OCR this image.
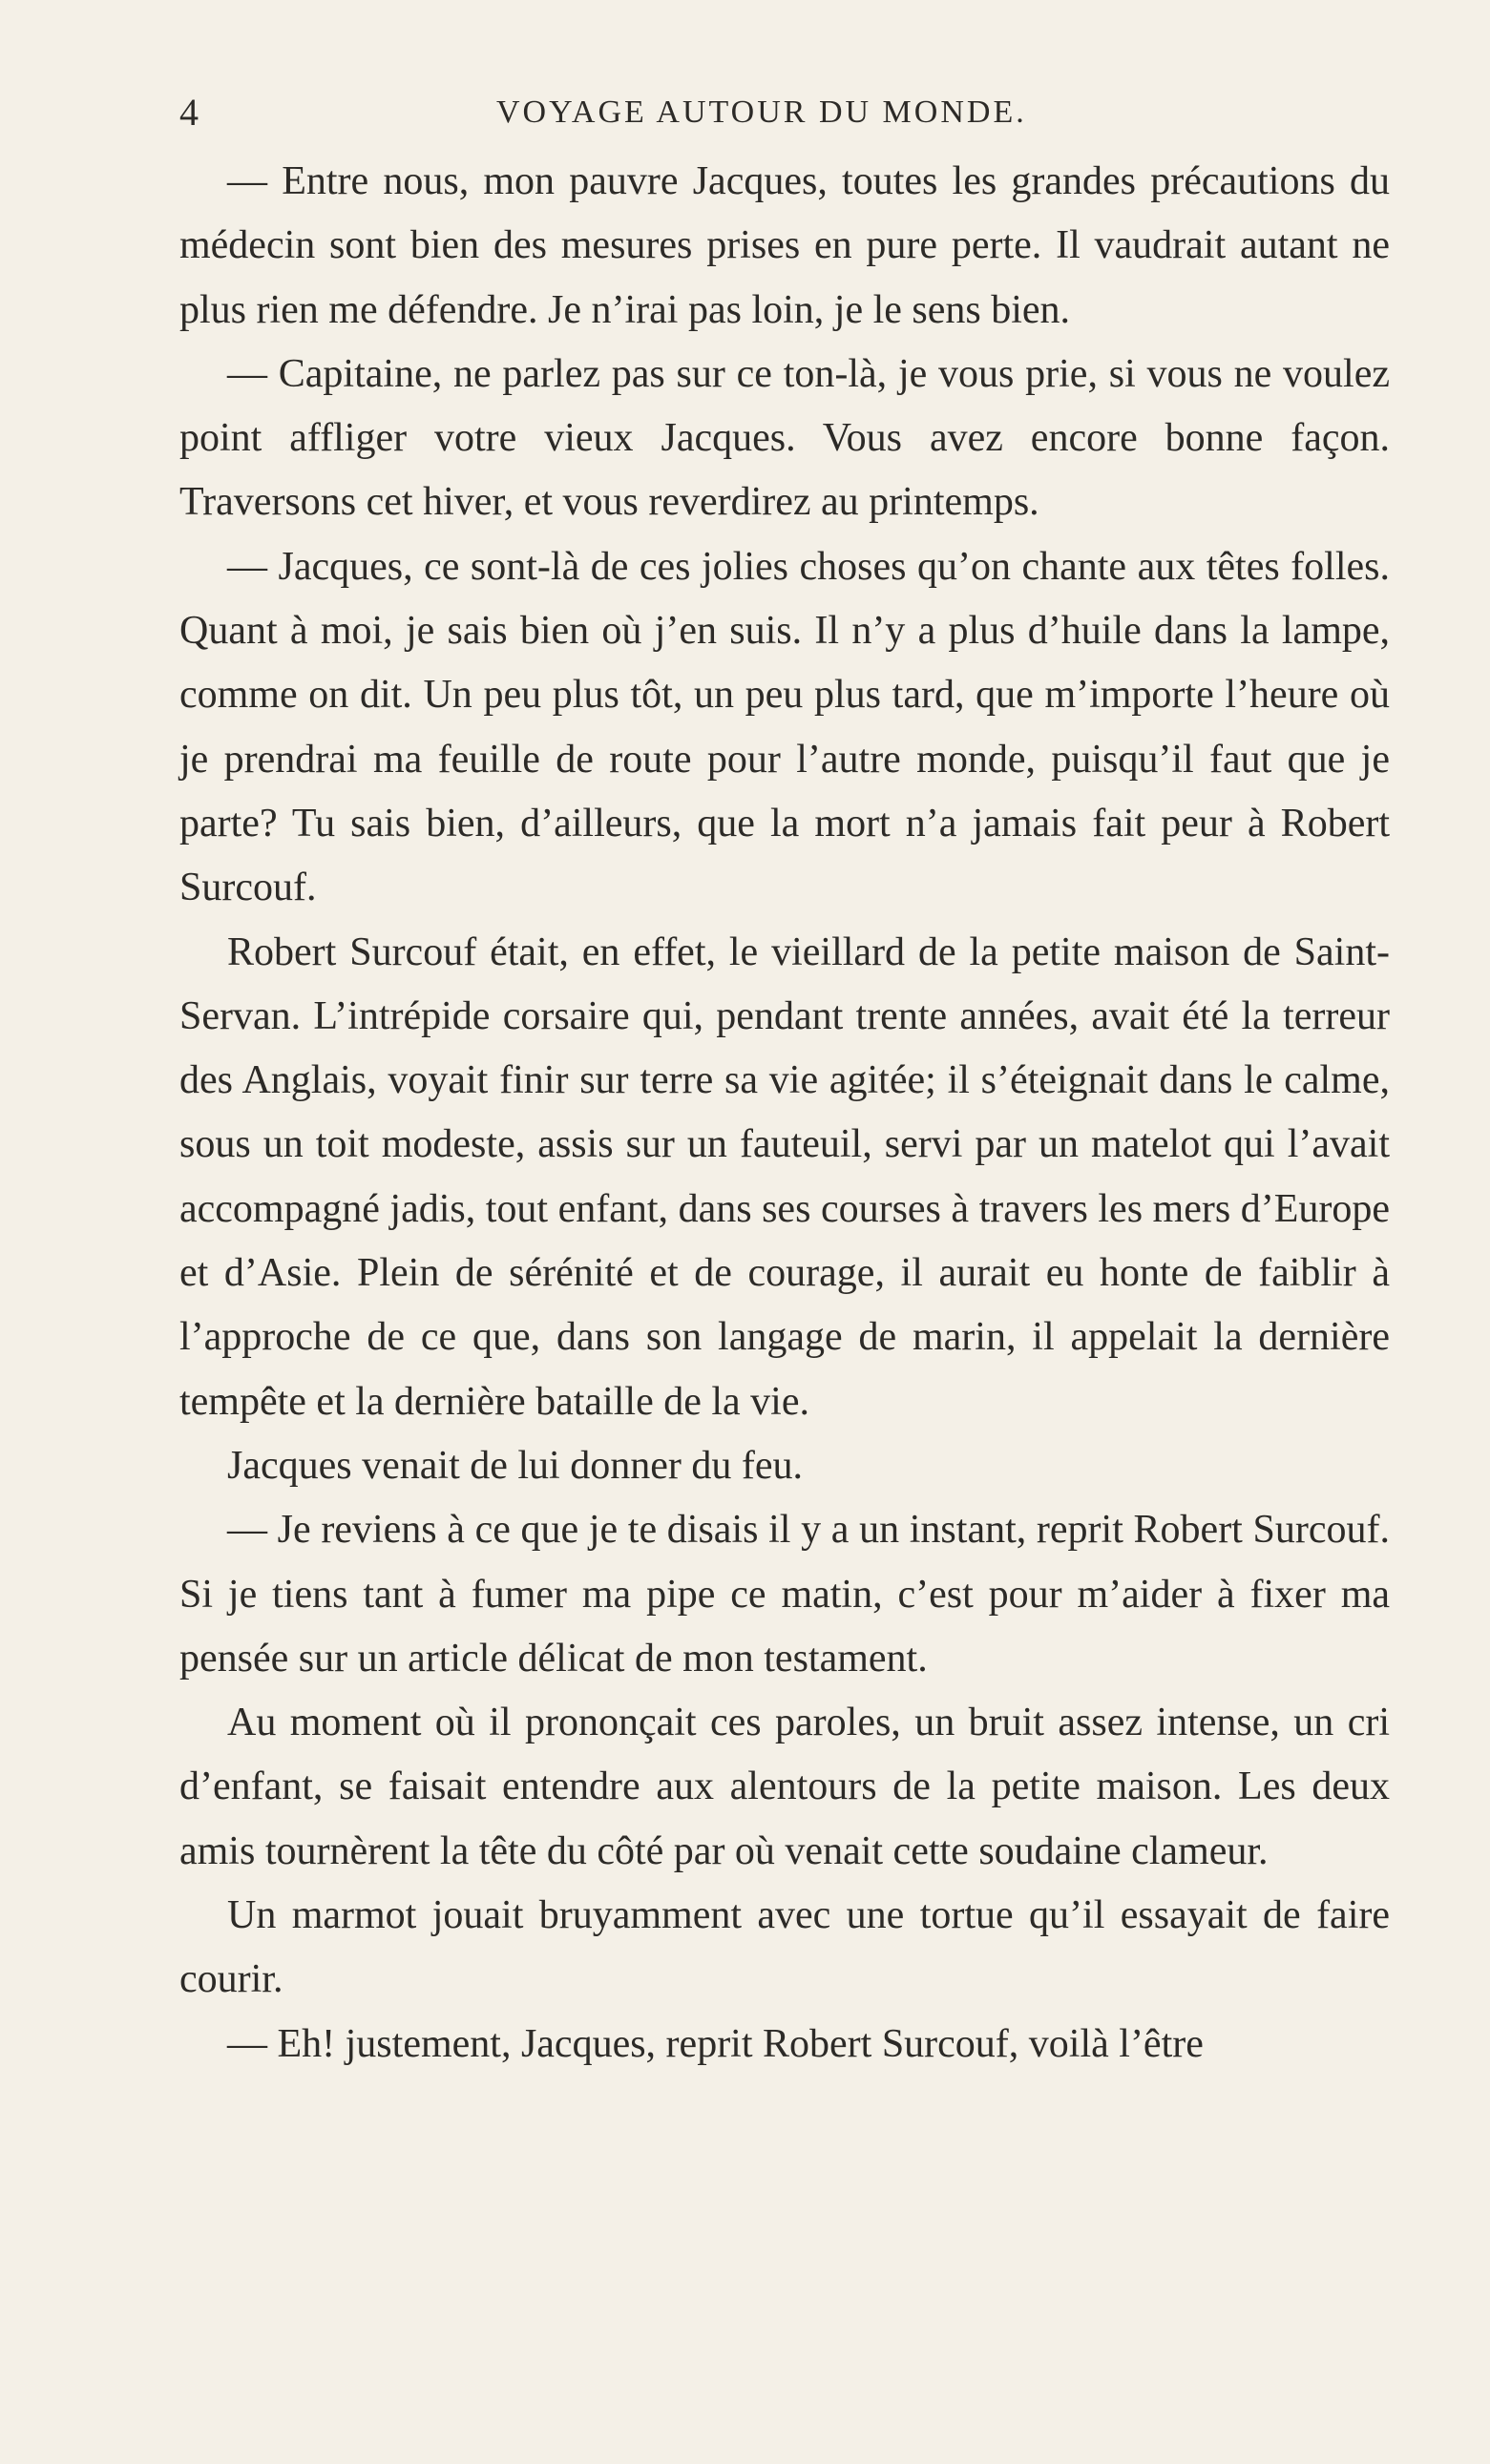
4	VOYAGE AUTOUR DU MONDE.

— Entre nous, mon pauvre Jacques, toutes les grandes précautions du médecin sont bien des mesures prises en pure perte. Il vaudrait autant ne plus rien me défendre. Je n’irai pas loin, je le sens bien.

— Capitaine, ne parlez pas sur ce ton-là, je vous prie, si vous ne voulez point affliger votre vieux Jacques. Vous avez encore bonne façon. Traversons cet hiver, et vous reverdirez au printemps.

— Jacques, ce sont-là de ces jolies choses qu’on chante aux têtes folles. Quant à moi, je sais bien où j’en suis. Il n’y a plus d’huile dans la lampe, comme on dit. Un peu plus tôt, un peu plus tard, que m’importe l’heure où je prendrai ma feuille de route pour l’autre monde, puisqu’il faut que je parte? Tu sais bien, d’ailleurs, que la mort n’a jamais fait peur à Robert Surcouf.

Robert Surcouf était, en effet, le vieillard de la petite maison de Saint-Servan. L’intrépide corsaire qui, pendant trente années, avait été la terreur des Anglais, voyait finir sur terre sa vie agitée; il s’éteignait dans le calme, sous un toit modeste, assis sur un fauteuil, servi par un matelot qui l’avait accompagné jadis, tout enfant, dans ses courses à travers les mers d’Europe et d’Asie. Plein de sérénité et de courage, il aurait eu honte de faiblir à l’approche de ce que, dans son langage de marin, il appelait la dernière tempête et la dernière bataille de la vie.

Jacques venait de lui donner du feu.

— Je reviens à ce que je te disais il y a un instant, reprit Robert Surcouf. Si je tiens tant à fumer ma pipe ce matin, c’est pour m’aider à fixer ma pensée sur un article délicat de mon testament.

Au moment où il prononçait ces paroles, un bruit assez intense, un cri d’enfant, se faisait entendre aux alentours de la petite maison. Les deux amis tournèrent la tête du côté par où venait cette soudaine clameur.

Un marmot jouait bruyamment avec une tortue qu’il essayait de faire courir.

— Eh! justement, Jacques, reprit Robert Surcouf, voilà l’être
